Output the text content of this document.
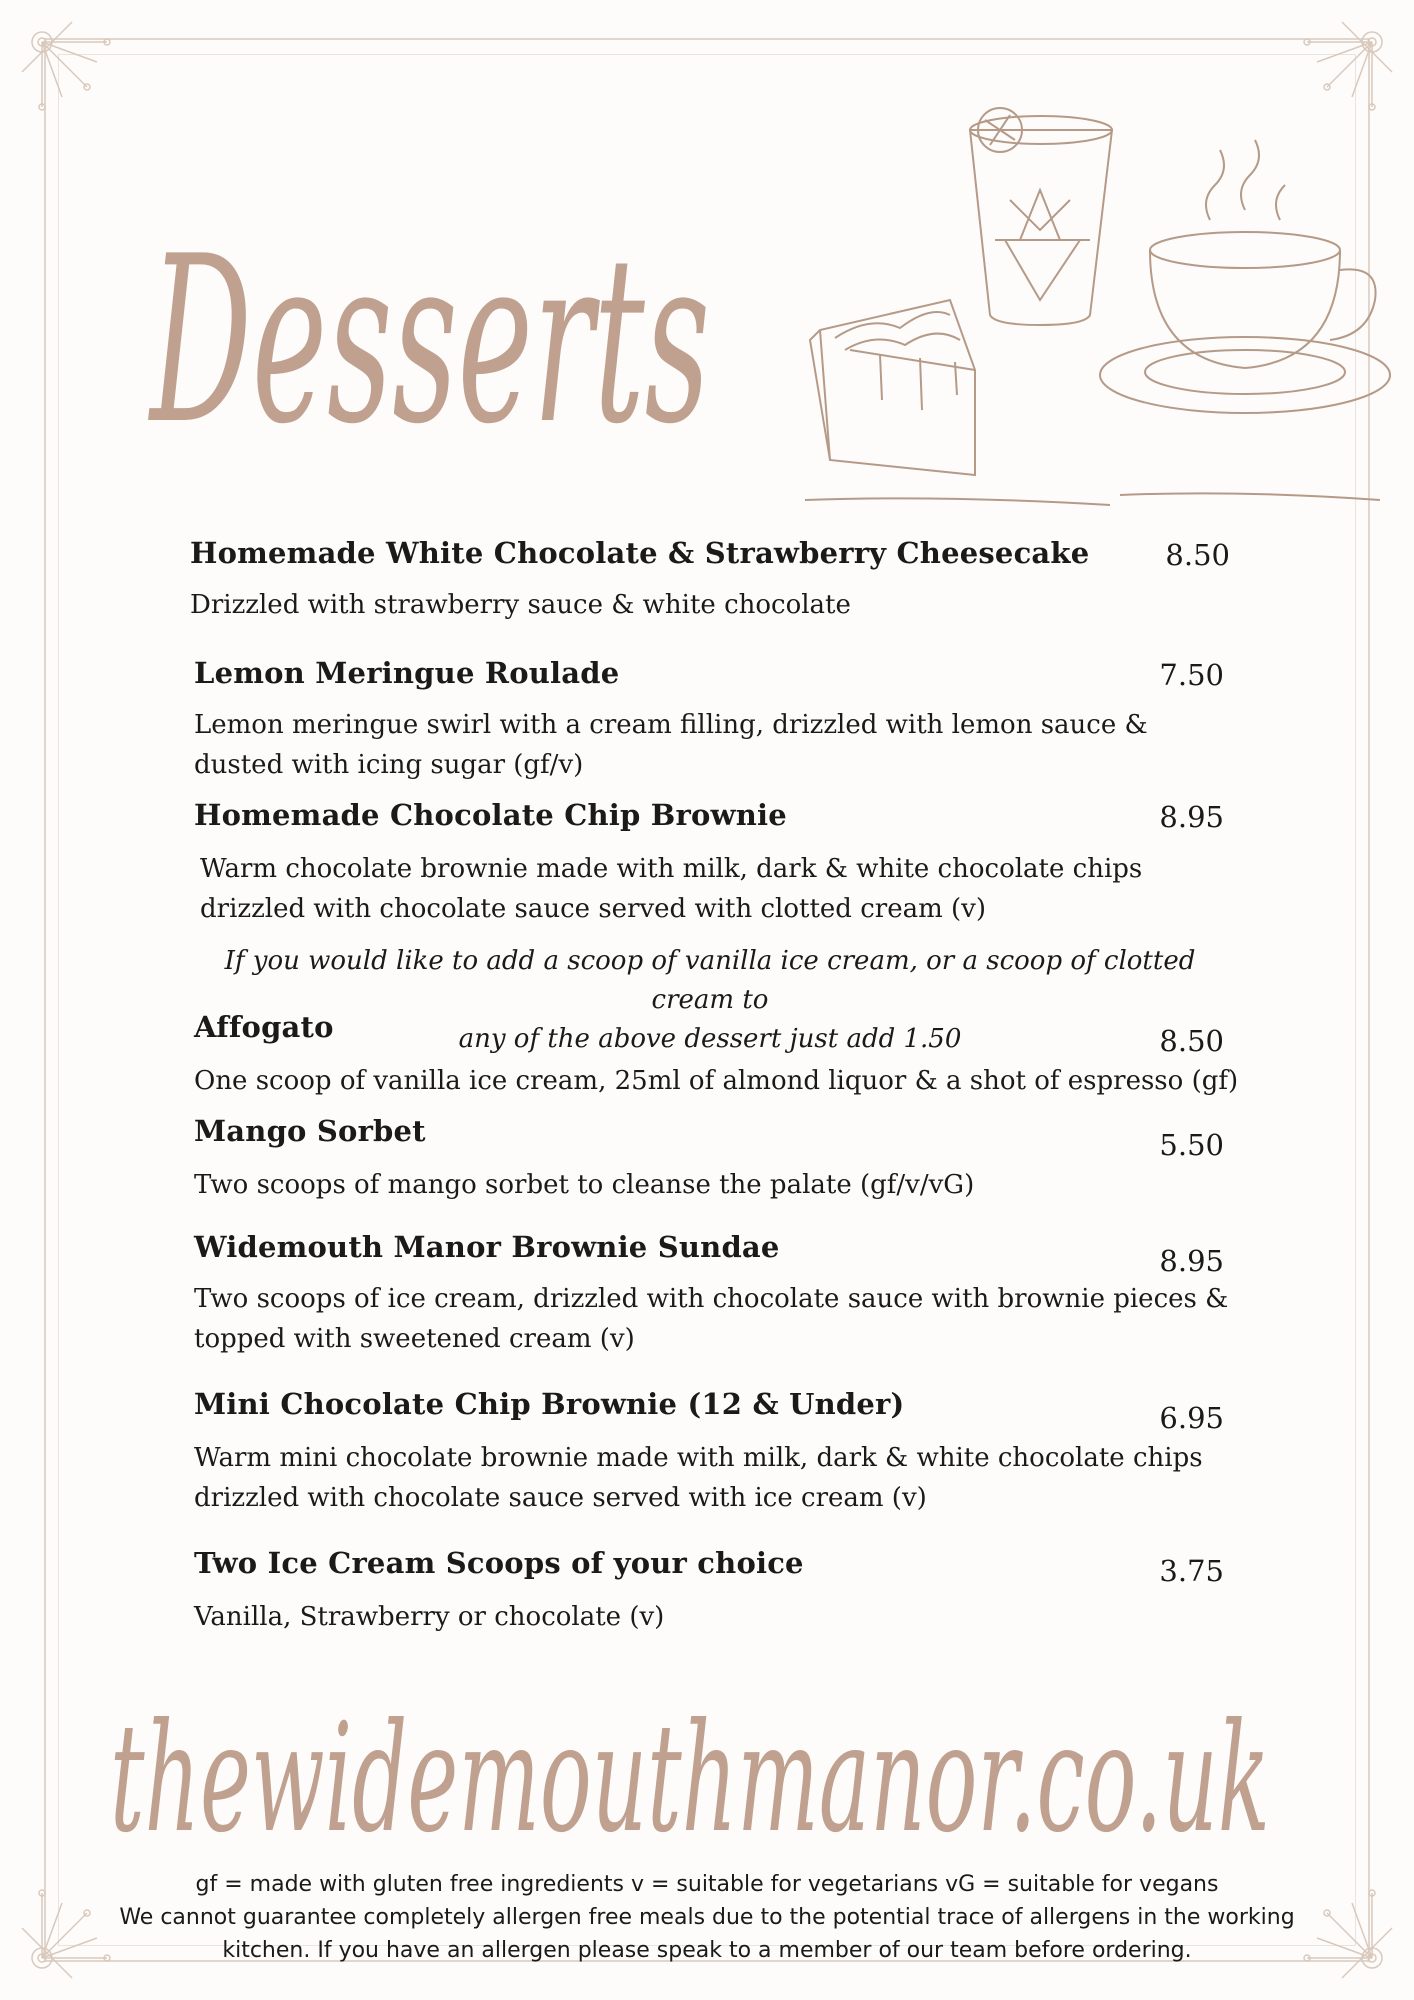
Desserts
Homemade White Chocolate & Strawberry Cheesecake	8.50
Drizzled with strawberry sauce & white chocolate
Lemon Meringue Roulade	7.50
Lemon meringue swirl with a cream filling, drizzled with lemon sauce &
dusted with icing sugar (gf/v)
Homemade Chocolate Chip Brownie	8.95
Warm chocolate brownie made with milk, dark & white chocolate chips
drizzled with chocolate sauce served with clotted cream (v)
If you would like to add a scoop of vanilla ice cream, or a scoop of clotted cream to
any of the above dessert just add 1.50
Affogato	8.50
One scoop of vanilla ice cream, 25ml of almond liquor & a shot of espresso (gf)
Mango Sorbet	5.50
Two scoops of mango sorbet to cleanse the palate (gf/v/vG)
Widemouth Manor Brownie Sundae	8.95
Two scoops of ice cream, drizzled with chocolate sauce with brownie pieces &
topped with sweetened cream (v)
Mini Chocolate Chip Brownie (12 & Under)	6.95
Warm mini chocolate brownie made with milk, dark & white chocolate chips
drizzled with chocolate sauce served with ice cream (v)
Two Ice Cream Scoops of your choice	3.75
Vanilla, Strawberry or chocolate (v)
thewidemouthmanor.co.uk
gf = made with gluten free ingredients v = suitable for vegetarians vG = suitable for vegans
We cannot guarantee completely allergen free meals due to the potential trace of allergens in the working
kitchen. If you have an allergen please speak to a member of our team before ordering.
